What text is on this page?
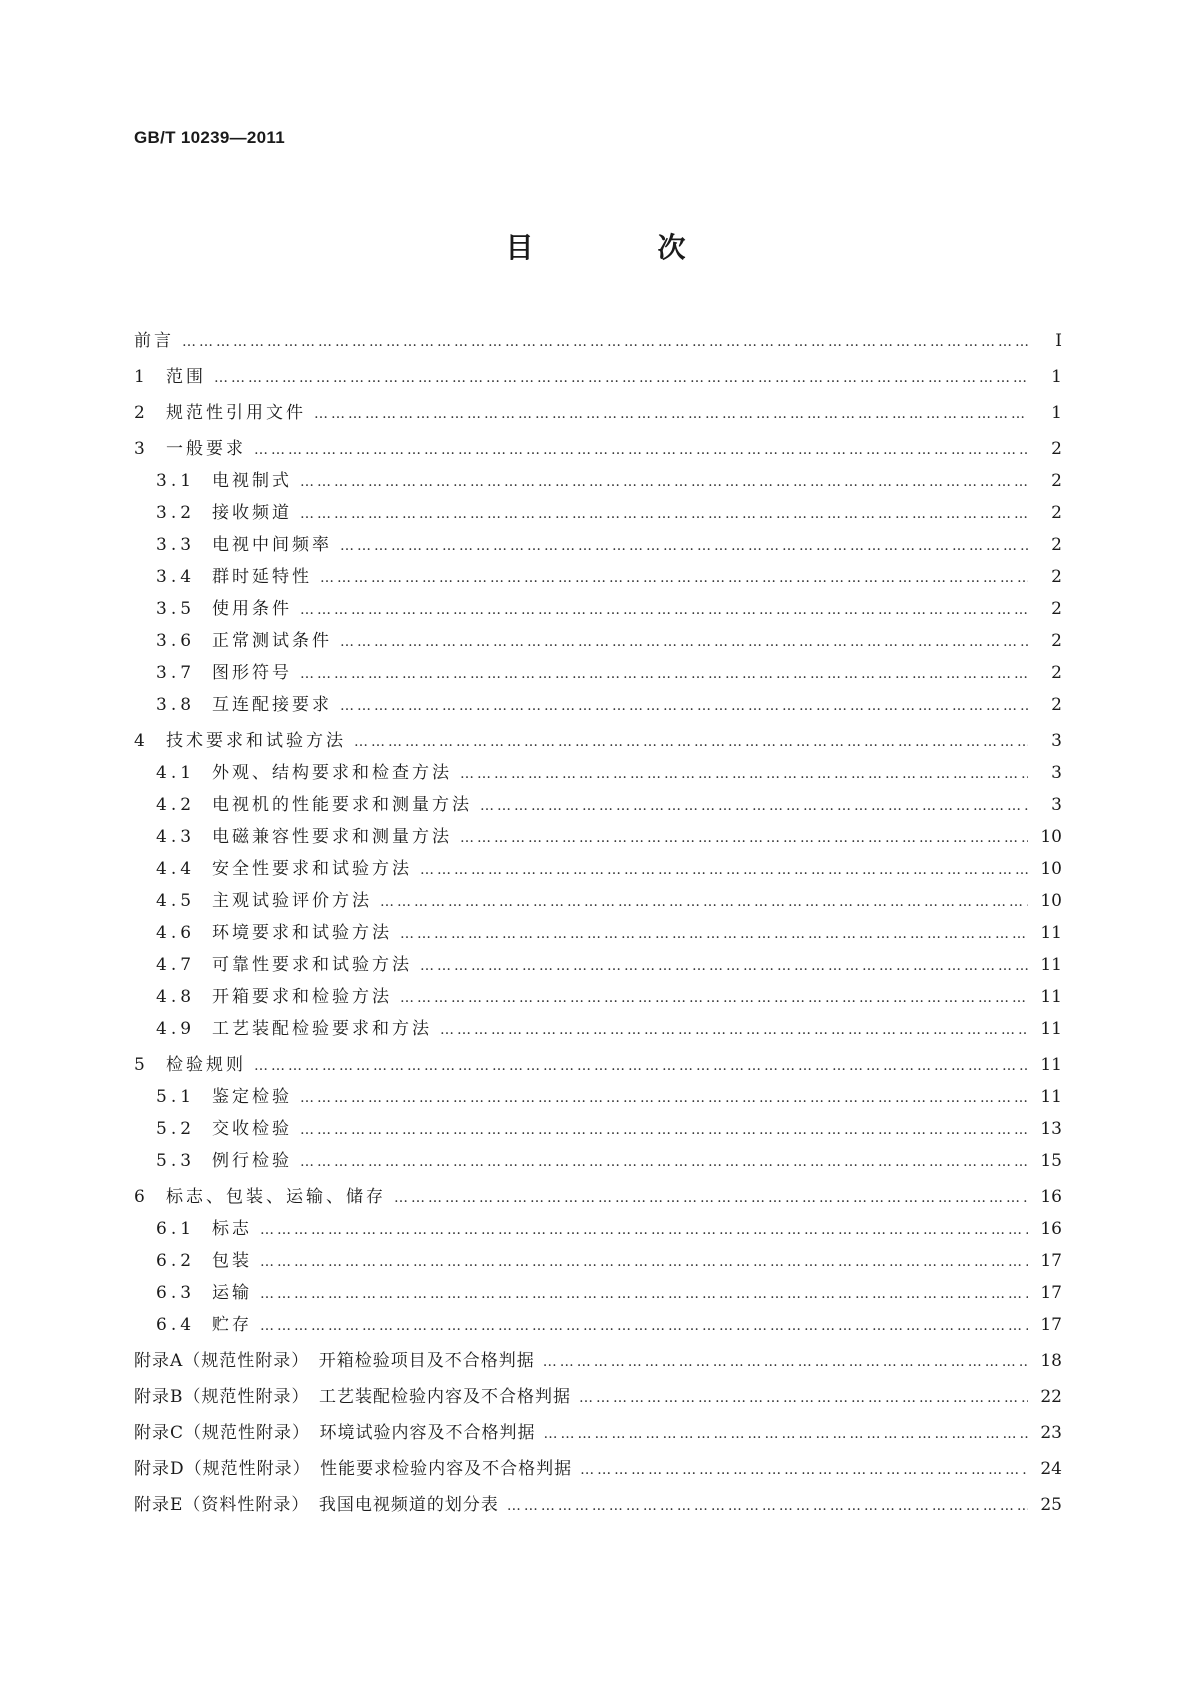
GB/T 10239—2011
目　次
前言 ………………………………………………………………………………………………………………………………………………………………………………………………………………	Ⅰ
1	范围 ………………………………………………………………………………………………………………………………………………………………………………………………………………	1
2	规范性引用文件 ………………………………………………………………………………………………………………………………………………………………………………………………………………	1
3	一般要求 ………………………………………………………………………………………………………………………………………………………………………………………………………………	2
3.1 电视制式 ………………………………………………………………………………………………………………………………………………………………………………………………………………	2
3.2 接收频道 ………………………………………………………………………………………………………………………………………………………………………………………………………………	2
3.3 电视中间频率 ………………………………………………………………………………………………………………………………………………………………………………………………………………	2
3.4 群时延特性 ………………………………………………………………………………………………………………………………………………………………………………………………………………	2
3.5 使用条件 ………………………………………………………………………………………………………………………………………………………………………………………………………………	2
3.6 正常测试条件 ………………………………………………………………………………………………………………………………………………………………………………………………………………	2
3.7 图形符号 ………………………………………………………………………………………………………………………………………………………………………………………………………………	2
3.8 互连配接要求 ………………………………………………………………………………………………………………………………………………………………………………………………………………	2
4	技术要求和试验方法 ………………………………………………………………………………………………………………………………………………………………………………………………………………	3
4.1 外观、结构要求和检查方法 ………………………………………………………………………………………………………………………………………………………………………………………………………………	3
4.2 电视机的性能要求和测量方法 ………………………………………………………………………………………………………………………………………………………………………………………………………………	3
4.3 电磁兼容性要求和测量方法 ………………………………………………………………………………………………………………………………………………………………………………………………………………	10
4.4 安全性要求和试验方法 ………………………………………………………………………………………………………………………………………………………………………………………………………………	10
4.5 主观试验评价方法 ………………………………………………………………………………………………………………………………………………………………………………………………………………	10
4.6 环境要求和试验方法 ………………………………………………………………………………………………………………………………………………………………………………………………………………	11
4.7 可靠性要求和试验方法 ………………………………………………………………………………………………………………………………………………………………………………………………………………	11
4.8 开箱要求和检验方法 ………………………………………………………………………………………………………………………………………………………………………………………………………………	11
4.9 工艺装配检验要求和方法 ………………………………………………………………………………………………………………………………………………………………………………………………………………	11
5	检验规则 ………………………………………………………………………………………………………………………………………………………………………………………………………………	11
5.1 鉴定检验 ………………………………………………………………………………………………………………………………………………………………………………………………………………	11
5.2 交收检验 ………………………………………………………………………………………………………………………………………………………………………………………………………………	13
5.3 例行检验 ………………………………………………………………………………………………………………………………………………………………………………………………………………	15
6	标志、包装、运输、储存 ………………………………………………………………………………………………………………………………………………………………………………………………………………	16
6.1 标志 ………………………………………………………………………………………………………………………………………………………………………………………………………………	16
6.2 包装 ………………………………………………………………………………………………………………………………………………………………………………………………………………	17
6.3 运输 ………………………………………………………………………………………………………………………………………………………………………………………………………………	17
6.4 贮存 ………………………………………………………………………………………………………………………………………………………………………………………………………………	17
附录A（规范性附录）　开箱检验项目及不合格判据 ………………………………………………………………………………………………………………………………………………………………………………………………………………	18
附录B（规范性附录）　工艺装配检验内容及不合格判据 ………………………………………………………………………………………………………………………………………………………………………………………………………………	22
附录C（规范性附录）　环境试验内容及不合格判据 ………………………………………………………………………………………………………………………………………………………………………………………………………………	23
附录D（规范性附录）　性能要求检验内容及不合格判据 ………………………………………………………………………………………………………………………………………………………………………………………………………………	24
附录E（资料性附录）　我国电视频道的划分表 ………………………………………………………………………………………………………………………………………………………………………………………………………………	25
